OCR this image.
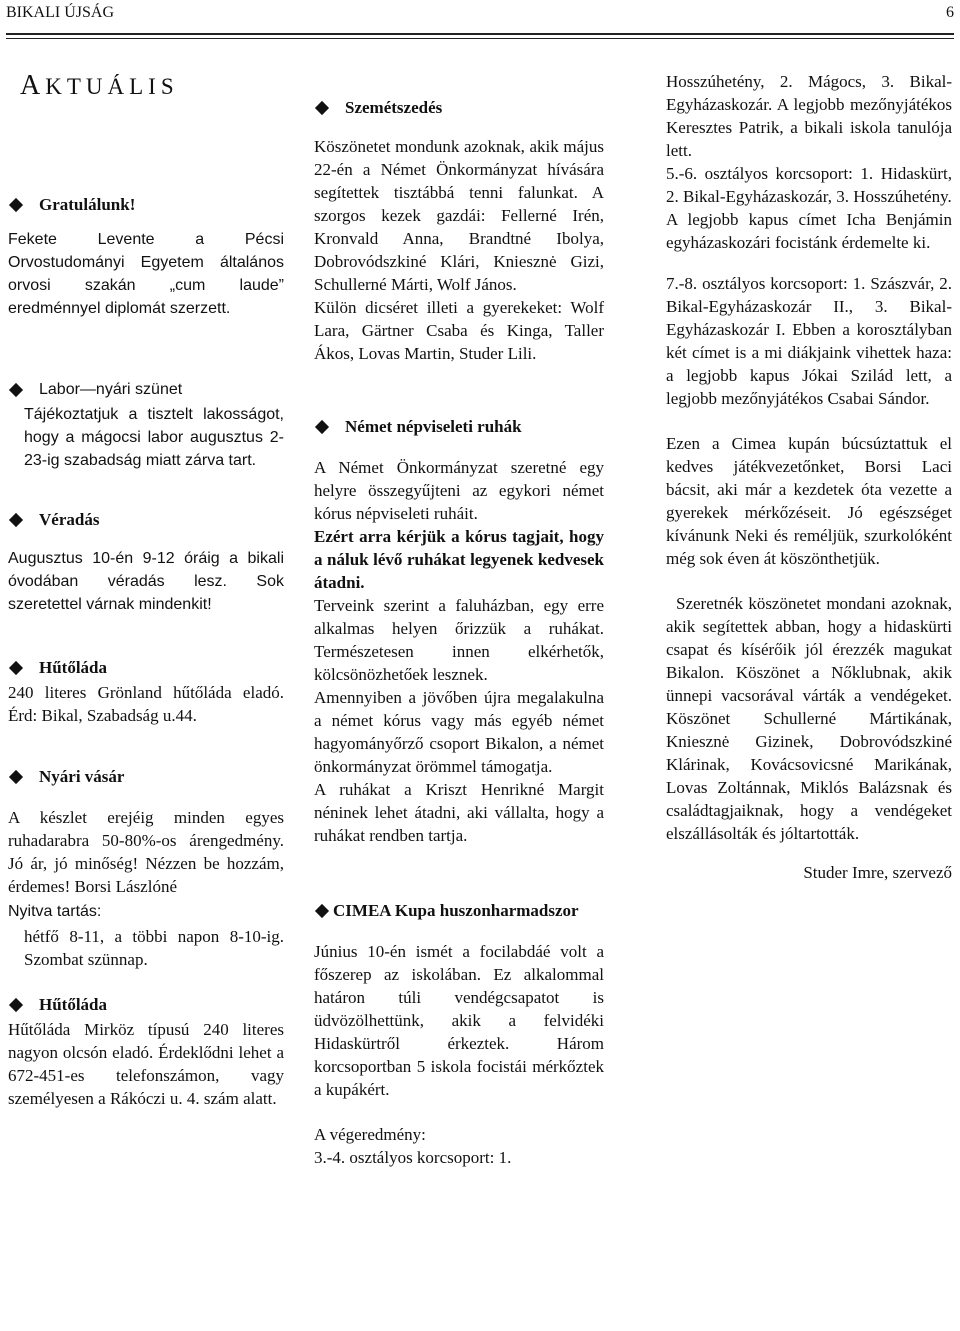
BIKALI ÚJSÁG	6
AKTUÁLIS
Gratulálunk!

Fekete Levente a Pécsi Orvostudományi Egyetem általános orvosi szakán „cum laude” eredménnyel diplomát szerzett.

Labor—nyári szünet

Tájékoztatjuk a tisztelt lakosságot, hogy a mágocsi labor augusztus 2-23-ig szabadság miatt zárva tart.

Véradás

Augusztus 10-én 9-12 óráig a bikali óvodában véradás lesz. Sok szeretettel várnak mindenkit!

Hűtőláda

240 literes Grönland hűtőláda eladó. Érd: Bikal, Szabadság u.44.

Nyári vásár

A készlet erejéig minden egyes ruhadarabra 50-80%-os árengedmény. Jó ár, jó minőség! Nézzen be hozzám, érdemes! Borsi Lászlóné

Nyitva tartás:

hétfő 8-11, a többi napon 8-10-ig. Szombat szünnap.

Hűtőláda

Hűtőláda Mirköz típusú 240 literes nagyon olcsón eladó. Érdeklődni lehet a 672-451-es telefonszámon, vagy személyesen a Rákóczi u. 4. szám alatt.

Szemétszedés

Köszönetet mondunk azoknak, akik május 22-én a Német Önkormányzat hívására segítettek tisztábbá tenni falunkat. A szorgos kezek gazdái: Fellerné Irén, Kronvald Anna, Brandtné Ibolya, Dobrovódszkiné Klári, Kniesznė Gizi, Schullerné Márti, Wolf János.

Külön dicséret illeti a gyerekeket: Wolf Lara, Gärtner Csaba és Kinga, Taller Ákos, Lovas Martin, Studer Lili.

Német népviseleti ruhák

A Német Önkormányzat szeretné egy helyre összegyűjteni az egykori német kórus népviseleti ruháit.

Ezért arra kérjük a kórus tagjait, hogy a náluk lévő ruhákat legyenek kedvesek átadni.

Terveink szerint a faluházban, egy erre alkalmas helyen őrizzük a ruhákat. Természetesen innen elkérhetők, kölcsönözhetőek lesznek.

Amennyiben a jövőben újra megalakulna a német kórus vagy más egyéb német hagyományőrző csoport Bikalon, a német önkormányzat örömmel támogatja.

A ruhákat a Kriszt Henrikné Margit néninek lehet átadni, aki vállalta, hogy a ruhákat rendben tartja.

CIMEA Kupa huszonharmadszor

Június 10-én ismét a focilabdáé volt a főszerep az iskolában. Ez alkalommal határon túli vendégcsapatot is üdvözölhettünk, akik a felvidéki Hidaskürtről érkeztek. Három korcsoportban 5 iskola focistái mérkőztek a kupákért.

A végeredmény:

3.-4. osztályos korcsoport: 1.

Hosszúhetény, 2. Mágocs, 3. Bikal-Egyházaskozár. A legjobb mezőnyjátékos Keresztes Patrik, a bikali iskola tanulója lett.

5.-6. osztályos korcsoport: 1. Hidaskürt, 2. Bikal-Egyházaskozár, 3. Hosszúhetény.

A legjobb kapus címet Icha Benjámin egyházaskozári focistánk érdemelte ki.

7.-8. osztályos korcsoport: 1. Szászvár, 2. Bikal-Egyházaskozár II., 3. Bikal-Egyházaskozár I. Ebben a korosztályban két címet is a mi diákjaink vihettek haza: a legjobb kapus Jókai Szilád lett, a legjobb mezőnyjátékos Csabai Sándor.

Ezen a Cimea kupán búcsúztattuk el kedves játékvezetőnket, Borsi Laci bácsit, aki már a kezdetek óta vezette a gyerekek mérkőzéseit. Jó egészséget kívánunk Neki és reméljük, szurkolóként még sok éven át köszönthetjük.

Szeretnék köszönetet mondani azoknak, akik segítettek abban, hogy a hidaskürti csapat és kísérőik jól érezzék magukat Bikalon. Köszönet a Nőklubnak, akik ünnepi vacsorával várták a vendégeket. Köszönet Schullerné Mártikának, Kniesznė Gizinek, Dobrovódszkiné Klárinak, Kovácsovicsné Marikának, Lovas Zoltánnak, Miklós Balázsnak és családtagjaiknak, hogy a vendégeket elszállásolták és jóltartották.

Studer Imre, szervező
